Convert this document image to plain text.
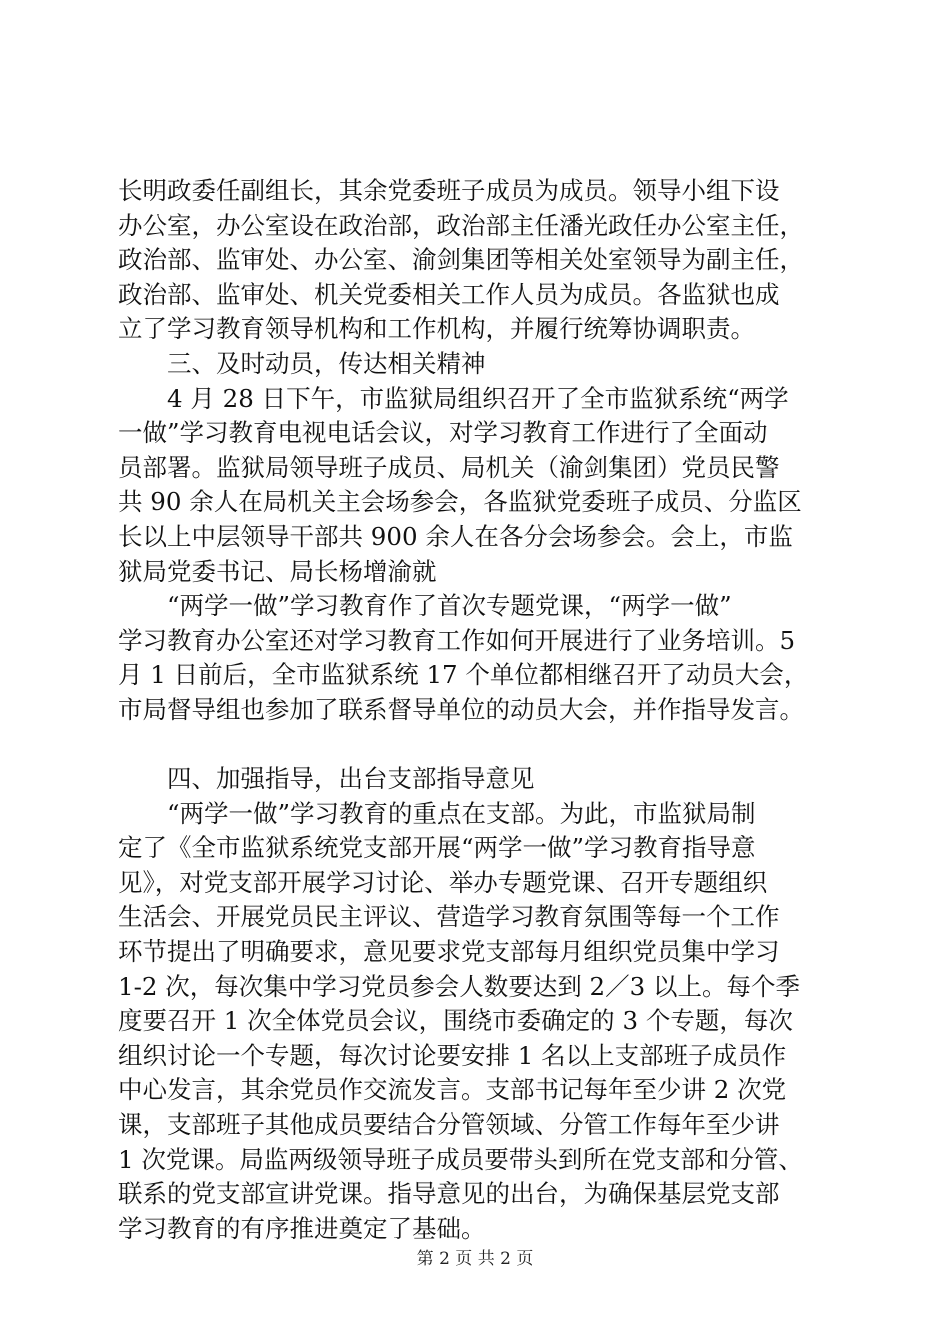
长明政委任副组长，其余党委班子成员为成员。领导小组下设
办公室，办公室设在政治部，政治部主任潘光政任办公室主任，
政治部、监审处、办公室、渝剑集团等相关处室领导为副主任，
政治部、监审处、机关党委相关工作人员为成员。各监狱也成
立了学习教育领导机构和工作机构，并履行统筹协调职责。
　　三、及时动员，传达相关精神
　　4 月 28 日下午，市监狱局组织召开了全市监狱系统“两学
一做”学习教育电视电话会议，对学习教育工作进行了全面动
员部署。监狱局领导班子成员、局机关（渝剑集团）党员民警
共 90 余人在局机关主会场参会，各监狱党委班子成员、分监区
长以上中层领导干部共 900 余人在各分会场参会。会上，市监
狱局党委书记、局长杨增渝就
　　“两学一做”学习教育作了首次专题党课，“两学一做”
学习教育办公室还对学习教育工作如何开展进行了业务培训。5
月 1 日前后，全市监狱系统 17 个单位都相继召开了动员大会，
市局督导组也参加了联系督导单位的动员大会，并作指导发言。
　　四、加强指导，出台支部指导意见
　　“两学一做”学习教育的重点在支部。为此，市监狱局制
定了《全市监狱系统党支部开展“两学一做”学习教育指导意
见》，对党支部开展学习讨论、举办专题党课、召开专题组织
生活会、开展党员民主评议、营造学习教育氛围等每一个工作
环节提出了明确要求，意见要求党支部每月组织党员集中学习
1-2 次，每次集中学习党员参会人数要达到 2／3 以上。每个季
度要召开 1 次全体党员会议，围绕市委确定的 3 个专题，每次
组织讨论一个专题，每次讨论要安排 1 名以上支部班子成员作
中心发言，其余党员作交流发言。支部书记每年至少讲 2 次党
课，支部班子其他成员要结合分管领域、分管工作每年至少讲
1 次党课。局监两级领导班子成员要带头到所在党支部和分管、
联系的党支部宣讲党课。指导意见的出台，为确保基层党支部
学习教育的有序推进奠定了基础。
第 2 页 共 2 页
